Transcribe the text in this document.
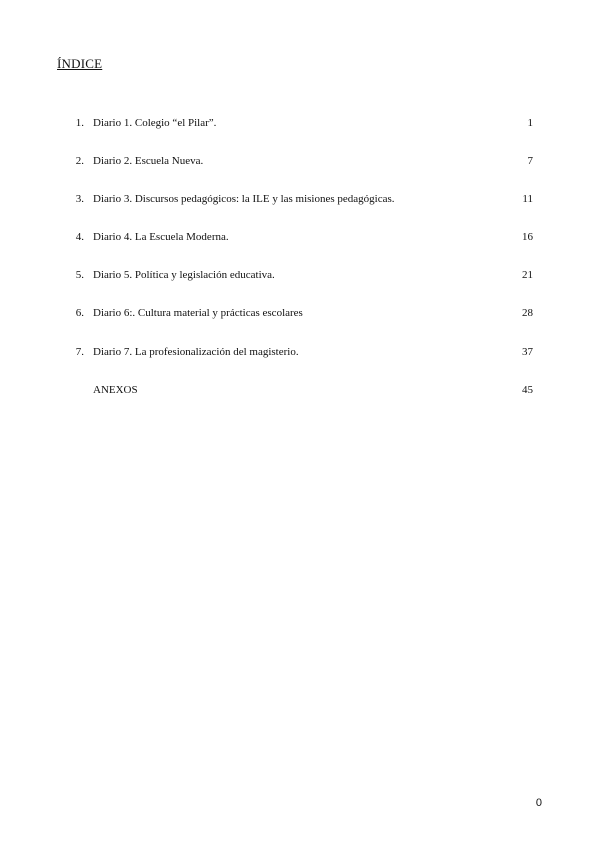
ÍNDICE
1. Diario 1. Colegio “el Pilar”.	1
2. Diario 2. Escuela Nueva.	7
3. Diario 3. Discursos pedagógicos: la ILE y las misiones pedagógicas.	11
4. Diario 4. La Escuela Moderna.	16
5. Diario 5. Política y legislación educativa.	21
6. Diario 6:. Cultura material y prácticas escolares	28
7. Diario 7. La profesionalización del magisterio.	37
ANEXOS	45
0
